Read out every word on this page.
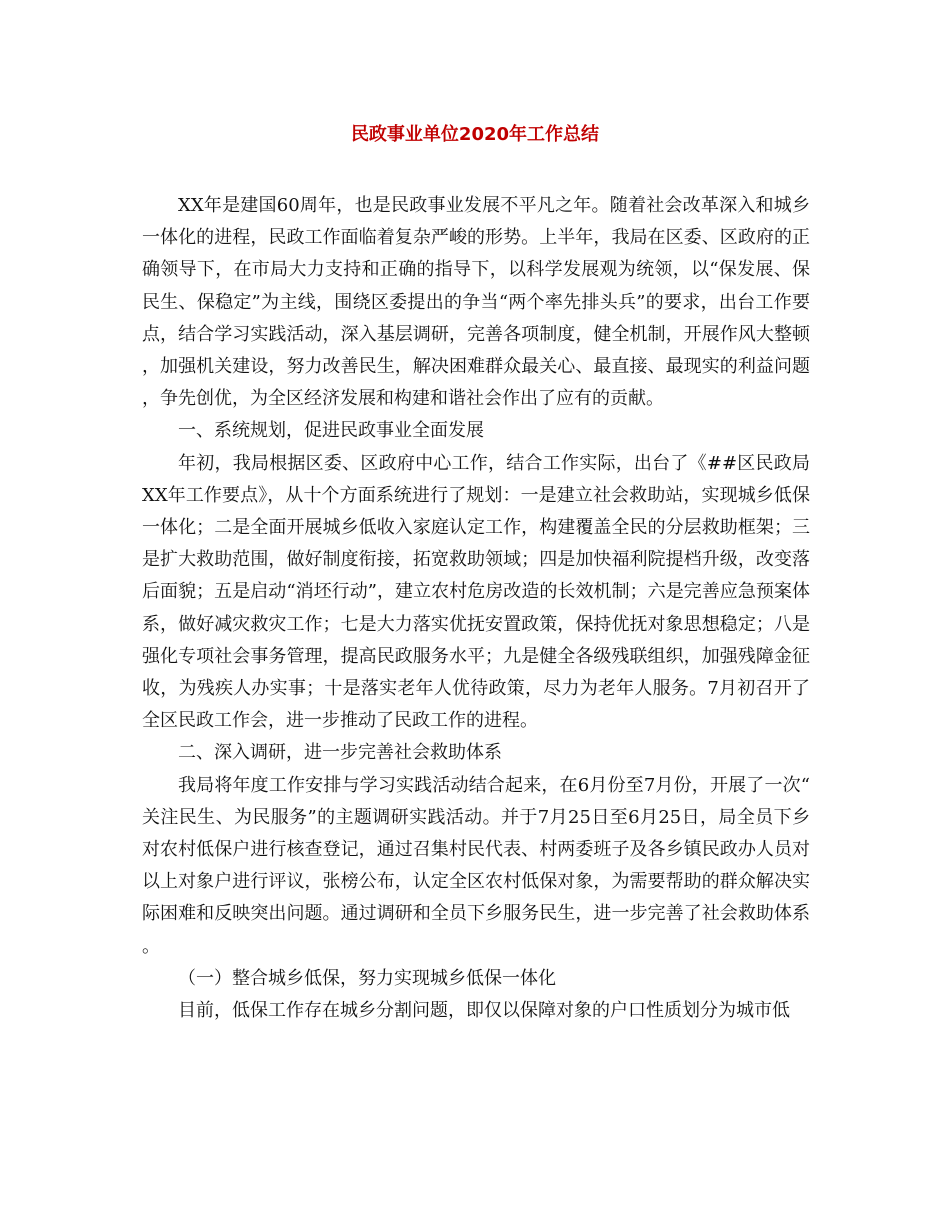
民政事业单位2020年工作总结

XX年是建国60周年，也是民政事业发展不平凡之年。随着社会改革深入和城乡一体化的进程，民政工作面临着复杂严峻的形势。上半年，我局在区委、区政府的正确领导下，在市局大力支持和正确的指导下，以科学发展观为统领，以“保发展、保民生、保稳定”为主线，围绕区委提出的争当“两个率先排头兵”的要求，出台工作要点，结合学习实践活动，深入基层调研，完善各项制度，健全机制，开展作风大整顿，加强机关建设，努力改善民生，解决困难群众最关心、最直接、最现实的利益问题，争先创优，为全区经济发展和构建和谐社会作出了应有的贡献。

一、系统规划，促进民政事业全面发展

年初，我局根据区委、区政府中心工作，结合工作实际，出台了《##区民政局XX年工作要点》，从十个方面系统进行了规划：一是建立社会救助站，实现城乡低保一体化；二是全面开展城乡低收入家庭认定工作，构建覆盖全民的分层救助框架；三是扩大救助范围，做好制度衔接，拓宽救助领域；四是加快福利院提档升级，改变落后面貌；五是启动“消坯行动”，建立农村危房改造的长效机制；六是完善应急预案体系，做好减灾救灾工作；七是大力落实优抚安置政策，保持优抚对象思想稳定；八是强化专项社会事务管理，提高民政服务水平；九是健全各级残联组织，加强残障金征收，为残疾人办实事；十是落实老年人优待政策，尽力为老年人服务。7月初召开了全区民政工作会，进一步推动了民政工作的进程。

二、深入调研，进一步完善社会救助体系

我局将年度工作安排与学习实践活动结合起来，在6月份至7月份，开展了一次“关注民生、为民服务”的主题调研实践活动。并于7月25日至6月25日，局全员下乡对农村低保户进行核查登记，通过召集村民代表、村两委班子及各乡镇民政办人员对以上对象户进行评议，张榜公布，认定全区农村低保对象，为需要帮助的群众解决实际困难和反映突出问题。通过调研和全员下乡服务民生，进一步完善了社会救助体系。

（一）整合城乡低保，努力实现城乡低保一体化

目前，低保工作存在城乡分割问题，即仅以保障对象的户口性质划分为城市低
